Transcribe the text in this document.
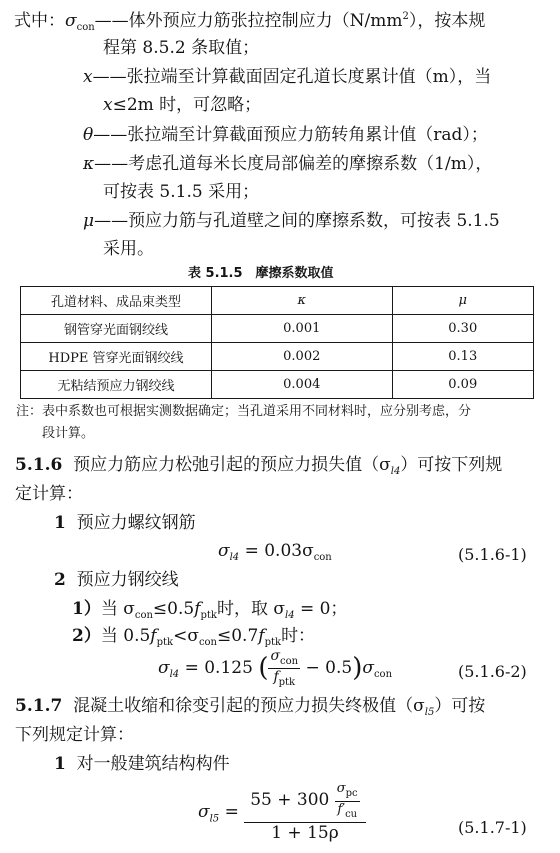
式中：$\sigma_{con}——$体外预应力筋张拉控制应力$(N/mm^2)$，按本规
程第 8.5.2 条取值；
x——张拉端至计算截面固定孔道长度累计值（m），当
x≤2m 时，可忽略；
θ——张拉端至计算截面预应力筋转角累计值（rad）；
κ——考虑孔道每米长度局部偏差的摩擦系数（1/m），
可按表 5.1.5 采用；
μ——预应力筋与孔道壁之间的摩擦系数，可按表 5.1.5
采用。
表 5.1.5　摩擦系数取值
孔道材料、成品束类型	κ	μ
钢管穿光面钢绞线	0.001	0.30
HDPE 管穿光面钢绞线	0.002	0.13
无粘结预应力钢绞线	0.004	0.09
注：表中系数也可根据实测数据确定；当孔道采用不同材料时，应分别考虑，分
段计算。
5.1.6 预应力筋应力松弛引起的预应力损失值$(\sigma_{l4})$可按下列规
定计算：
1 预应力螺纹钢筋
$\sigma_{l4} = 0.03\sigma_{con}$	(5.1.6-1)
2 预应力钢绞线
1）当 $\sigma_{con}\le 0.5f_{ptk}$时，取 $\sigma_{l4} = 0$；
2）当 $0.5f_{ptk}<\sigma_{con}\le 0.7f_{ptk}$时：
$\sigma_{l4} = 0.125$ ( $\frac{\sigma_{con}}{f_{ptk}} - 0.5)\sigma_{con}$	(5.1.6-2)
5.1.7 混凝土收缩和徐变引起的预应力损失终极值$(\sigma_{l5})$可按
下列规定计算：
1 对一般建筑结构构件
$\sigma_{l5} = \frac{55 + 300 \frac{\sigma_{pc}}{f'_{cu}}}{1 + 15\rho}$	(5.1.7-1)
